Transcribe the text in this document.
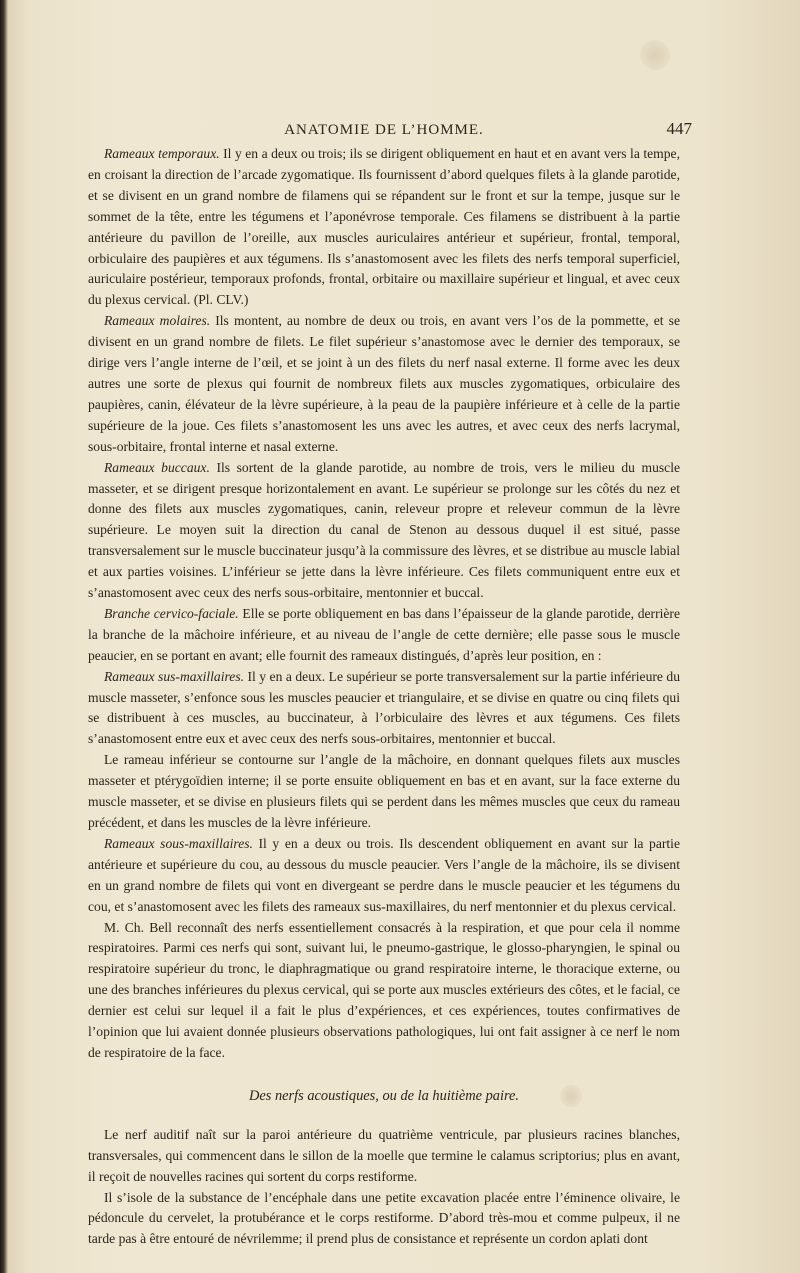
ANATOMIE DE L’HOMME.	447

Rameaux temporaux. Il y en a deux ou trois; ils se dirigent obliquement en haut et en avant vers la tempe, en croisant la direction de l’arcade zygomatique. Ils fournissent d’abord quelques filets à la glande parotide, et se divisent en un grand nombre de filamens qui se répandent sur le front et sur la tempe, jusque sur le sommet de la tête, entre les tégumens et l’aponévrose temporale. Ces filamens se distribuent à la partie antérieure du pavillon de l’oreille, aux muscles auriculaires antérieur et supérieur, frontal, temporal, orbiculaire des paupières et aux tégumens. Ils s’anastomosent avec les filets des nerfs temporal superficiel, auriculaire postérieur, temporaux profonds, frontal, orbitaire ou maxillaire supérieur et lingual, et avec ceux du plexus cervical. (Pl. CLV.)

Rameaux molaires. Ils montent, au nombre de deux ou trois, en avant vers l’os de la pommette, et se divisent en un grand nombre de filets. Le filet supérieur s’anastomose avec le dernier des temporaux, se dirige vers l’angle interne de l’œil, et se joint à un des filets du nerf nasal externe. Il forme avec les deux autres une sorte de plexus qui fournit de nombreux filets aux muscles zygomatiques, orbiculaire des paupières, canin, élévateur de la lèvre supérieure, à la peau de la paupière inférieure et à celle de la partie supérieure de la joue. Ces filets s’anastomosent les uns avec les autres, et avec ceux des nerfs lacrymal, sous-orbitaire, frontal interne et nasal externe.

Rameaux buccaux. Ils sortent de la glande parotide, au nombre de trois, vers le milieu du muscle masseter, et se dirigent presque horizontalement en avant. Le supérieur se prolonge sur les côtés du nez et donne des filets aux muscles zygomatiques, canin, releveur propre et releveur commun de la lèvre supérieure. Le moyen suit la direction du canal de Stenon au dessous duquel il est situé, passe transversalement sur le muscle buccinateur jusqu’à la commissure des lèvres, et se distribue au muscle labial et aux parties voisines. L’inférieur se jette dans la lèvre inférieure. Ces filets communiquent entre eux et s’anastomosent avec ceux des nerfs sous-orbitaire, mentonnier et buccal.

Branche cervico-faciale. Elle se porte obliquement en bas dans l’épaisseur de la glande parotide, derrière la branche de la mâchoire inférieure, et au niveau de l’angle de cette dernière; elle passe sous le muscle peaucier, en se portant en avant; elle fournit des rameaux distingués, d’après leur position, en :

Rameaux sus-maxillaires. Il y en a deux. Le supérieur se porte transversalement sur la partie inférieure du muscle masseter, s’enfonce sous les muscles peaucier et triangulaire, et se divise en quatre ou cinq filets qui se distribuent à ces muscles, au buccinateur, à l’orbiculaire des lèvres et aux tégumens. Ces filets s’anastomosent entre eux et avec ceux des nerfs sous-orbitaires, mentonnier et buccal.

Le rameau inférieur se contourne sur l’angle de la mâchoire, en donnant quelques filets aux muscles masseter et ptérygoïdien interne; il se porte ensuite obliquement en bas et en avant, sur la face externe du muscle masseter, et se divise en plusieurs filets qui se perdent dans les mêmes muscles que ceux du rameau précédent, et dans les muscles de la lèvre inférieure.

Rameaux sous-maxillaires. Il y en a deux ou trois. Ils descendent obliquement en avant sur la partie antérieure et supérieure du cou, au dessous du muscle peaucier. Vers l’angle de la mâchoire, ils se divisent en un grand nombre de filets qui vont en divergeant se perdre dans le muscle peaucier et les tégumens du cou, et s’anastomosent avec les filets des rameaux sus-maxillaires, du nerf mentonnier et du plexus cervical.

M. Ch. Bell reconnaît des nerfs essentiellement consacrés à la respiration, et que pour cela il nomme respiratoires. Parmi ces nerfs qui sont, suivant lui, le pneumo-gastrique, le glosso-pharyngien, le spinal ou respiratoire supérieur du tronc, le diaphragmatique ou grand respiratoire interne, le thoracique externe, ou une des branches inférieures du plexus cervical, qui se porte aux muscles extérieurs des côtes, et le facial, ce dernier est celui sur lequel il a fait le plus d’expériences, et ces expériences, toutes confirmatives de l’opinion que lui avaient donnée plusieurs observations pathologiques, lui ont fait assigner à ce nerf le nom de respiratoire de la face.

Des nerfs acoustiques, ou de la huitième paire.

Le nerf auditif naît sur la paroi antérieure du quatrième ventricule, par plusieurs racines blanches, transversales, qui commencent dans le sillon de la moelle que termine le calamus scriptorius; plus en avant, il reçoit de nouvelles racines qui sortent du corps restiforme.

Il s’isole de la substance de l’encéphale dans une petite excavation placée entre l’éminence olivaire, le pédoncule du cervelet, la protubérance et le corps restiforme. D’abord très-mou et comme pulpeux, il ne tarde pas à être entouré de névrilemme; il prend plus de consistance et représente un cordon aplati dont
